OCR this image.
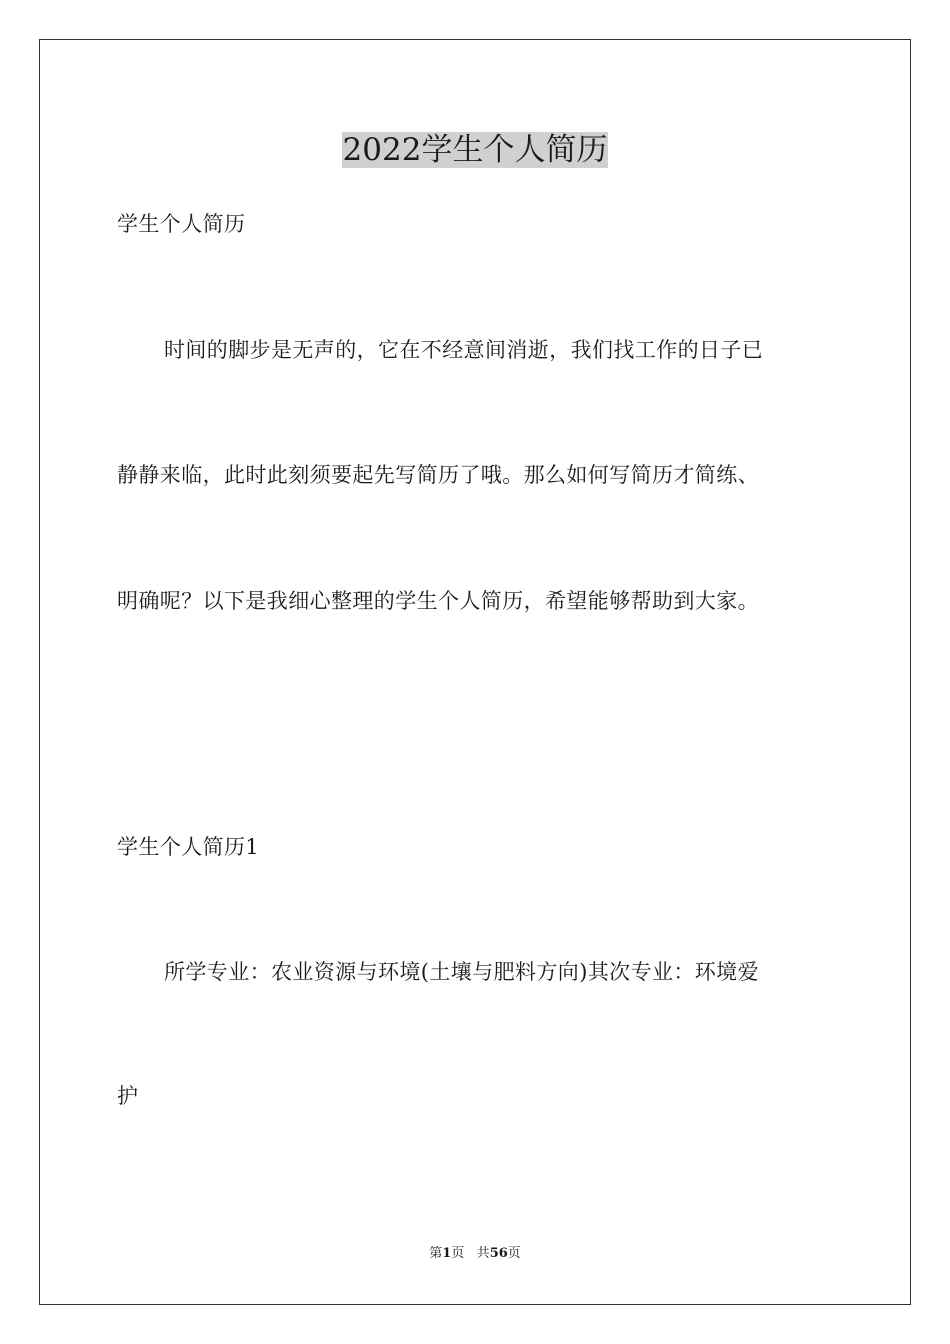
2022学生个人简历
学生个人简历
时间的脚步是无声的，它在不经意间消逝，我们找工作的日子已
静静来临，此时此刻须要起先写简历了哦。那么如何写简历才简练、
明确呢？以下是我细心整理的学生个人简历，希望能够帮助到大家。
学生个人简历1
所学专业：农业资源与环境(土壤与肥料方向)其次专业：环境爱
护
第1页 共56页
